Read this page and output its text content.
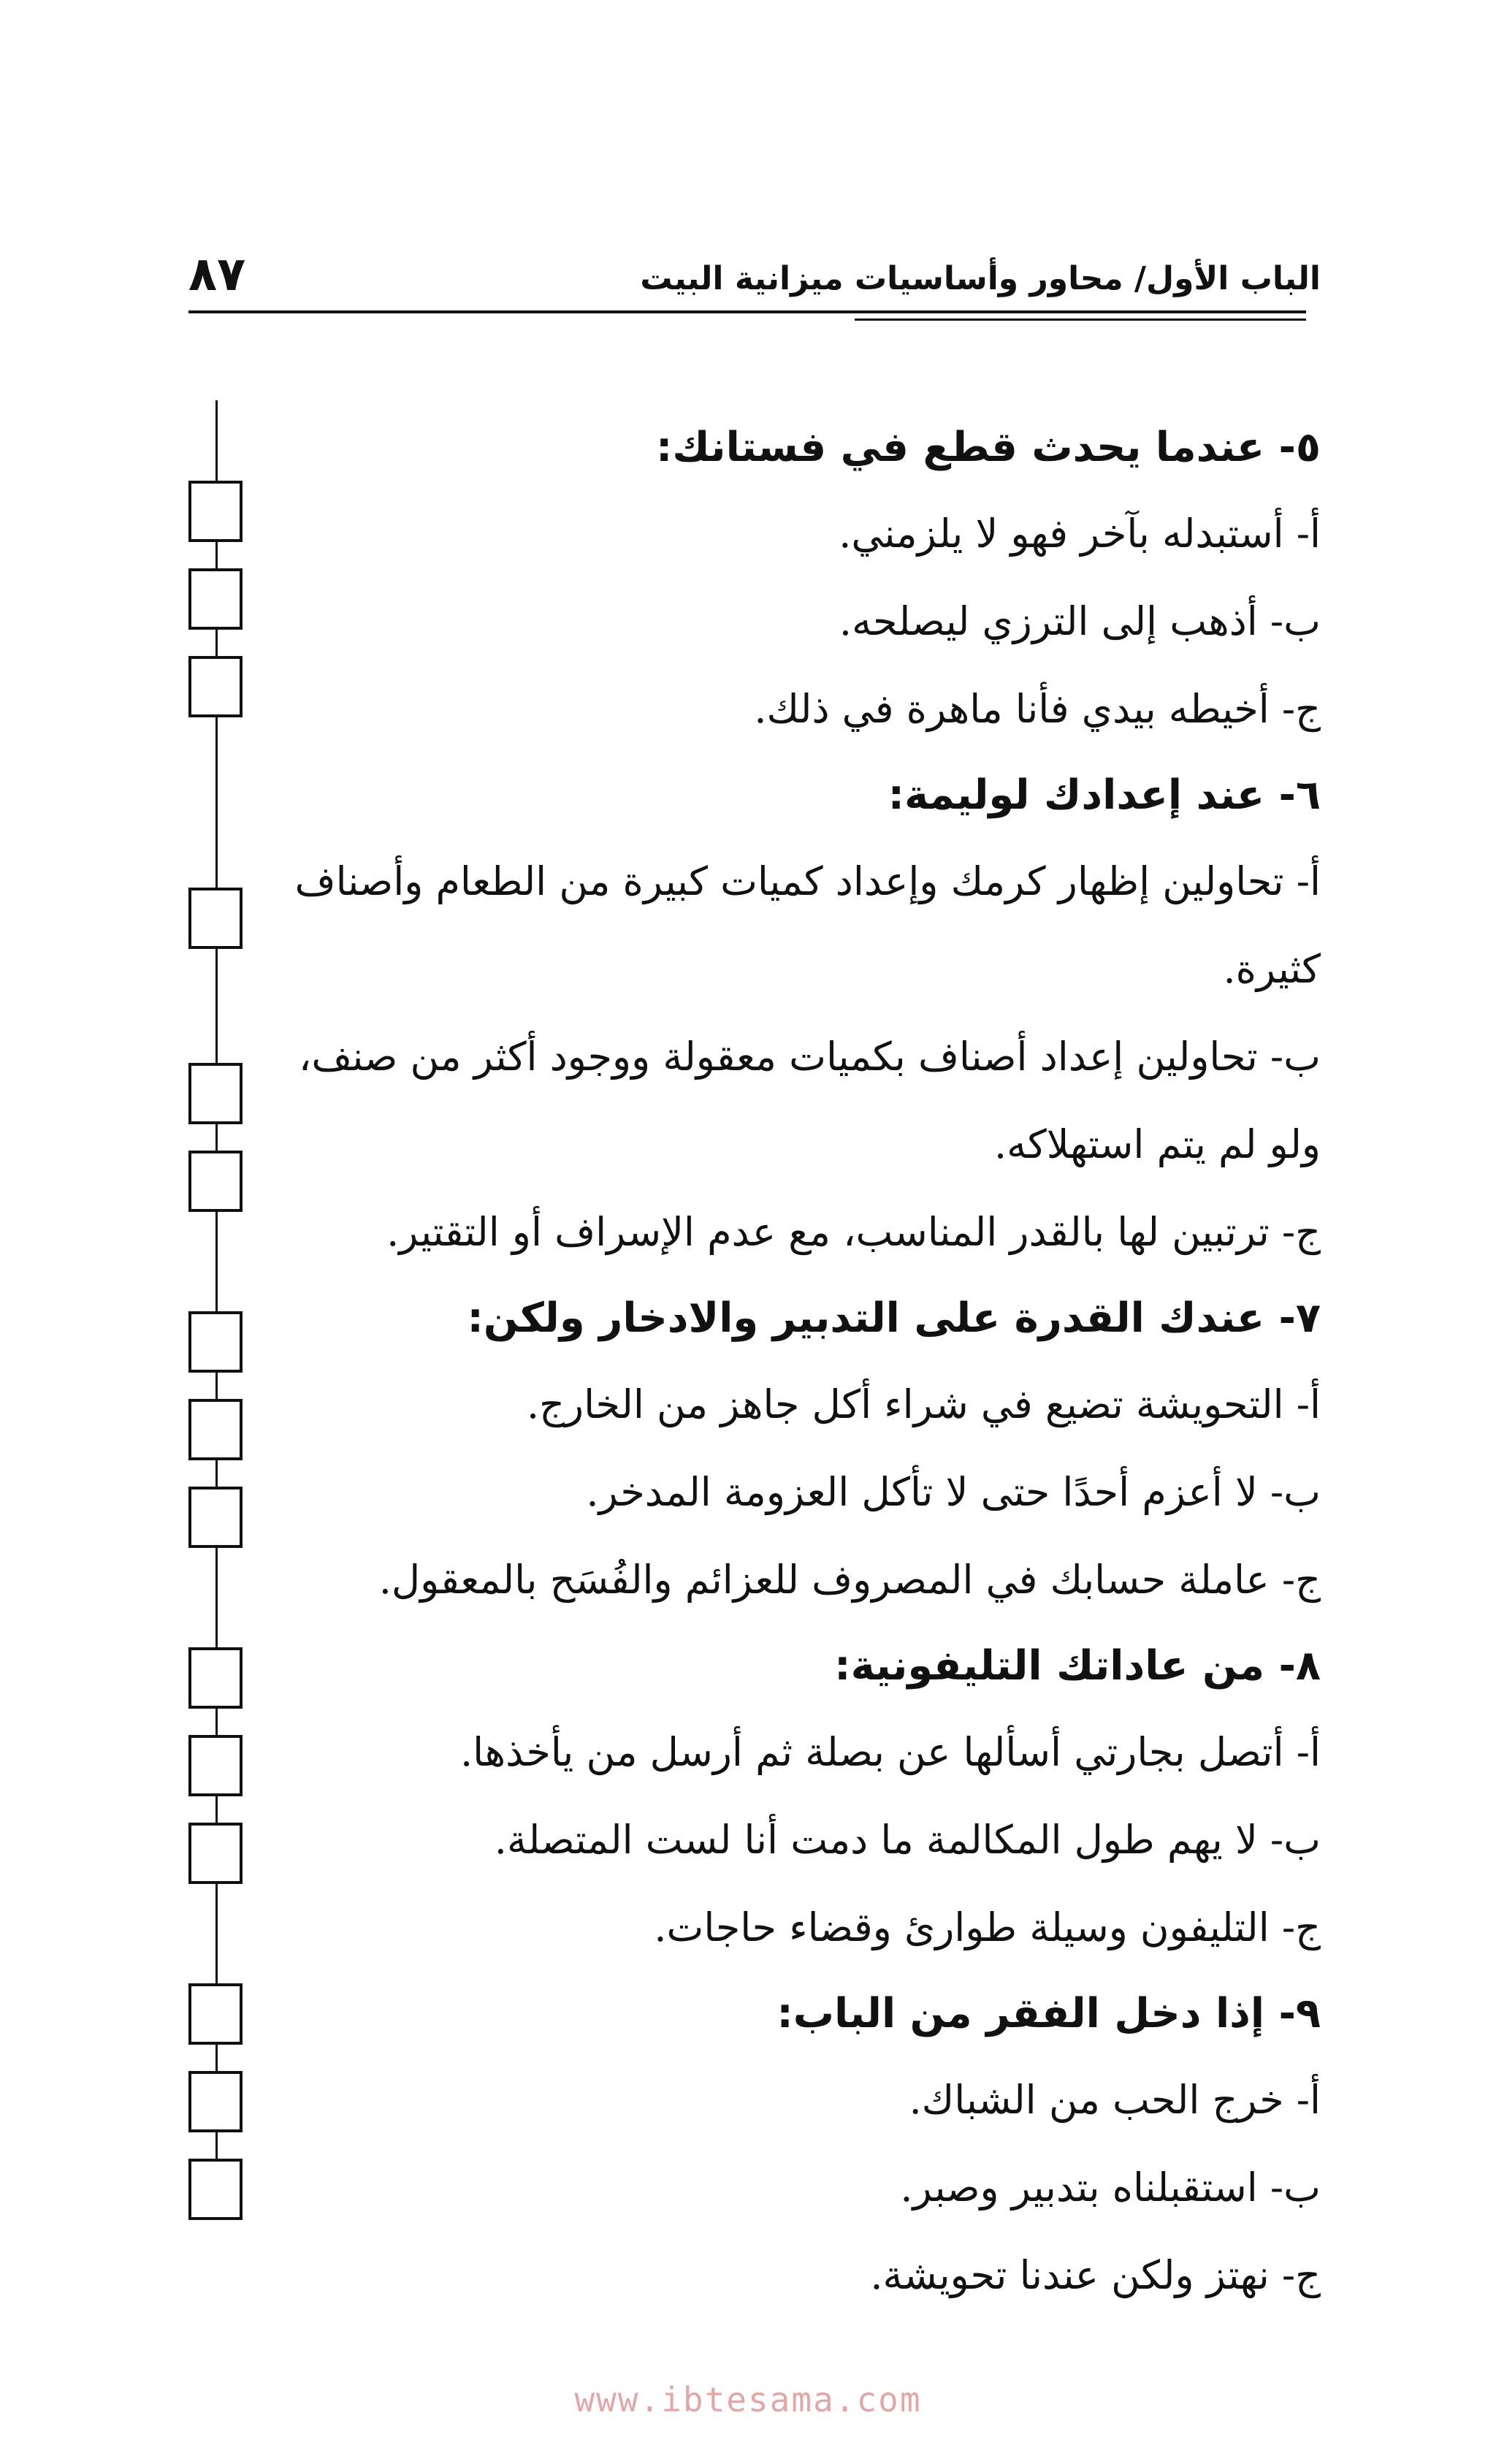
الباب الأول/ محاور وأساسيات ميزانية البيت
٨٧
٥- عندما يحدث قطع في فستانك:
أ- أستبدله بآخر فهو لا يلزمني.
ب- أذهب إلى الترزي ليصلحه.
ج- أخيطه بيدي فأنا ماهرة في ذلك.
٦- عند إعدادك لوليمة:
أ- تحاولين إظهار كرمك وإعداد كميات كبيرة من الطعام وأصناف كثيرة.
ب- تحاولين إعداد أصناف بكميات معقولة ووجود أكثر من صنف، ولو لم يتم استهلاكه.
ج- ترتبين لها بالقدر المناسب، مع عدم الإسراف أو التقتير.
٧- عندك القدرة على التدبير والادخار ولكن:
أ- التحويشة تضيع في شراء أكل جاهز من الخارج.
ب- لا أعزم أحدًا حتى لا تأكل العزومة المدخر.
ج- عاملة حسابك في المصروف للعزائم والفُسَح بالمعقول.
٨- من عاداتك التليفونية:
أ- أتصل بجارتي أسألها عن بصلة ثم أرسل من يأخذها.
ب- لا يهم طول المكالمة ما دمت أنا لست المتصلة.
ج- التليفون وسيلة طوارئ وقضاء حاجات.
٩- إذا دخل الفقر من الباب:
أ- خرج الحب من الشباك.
ب- استقبلناه بتدبير وصبر.
ج- نهتز ولكن عندنا تحويشة.
www.ibtesama.com
